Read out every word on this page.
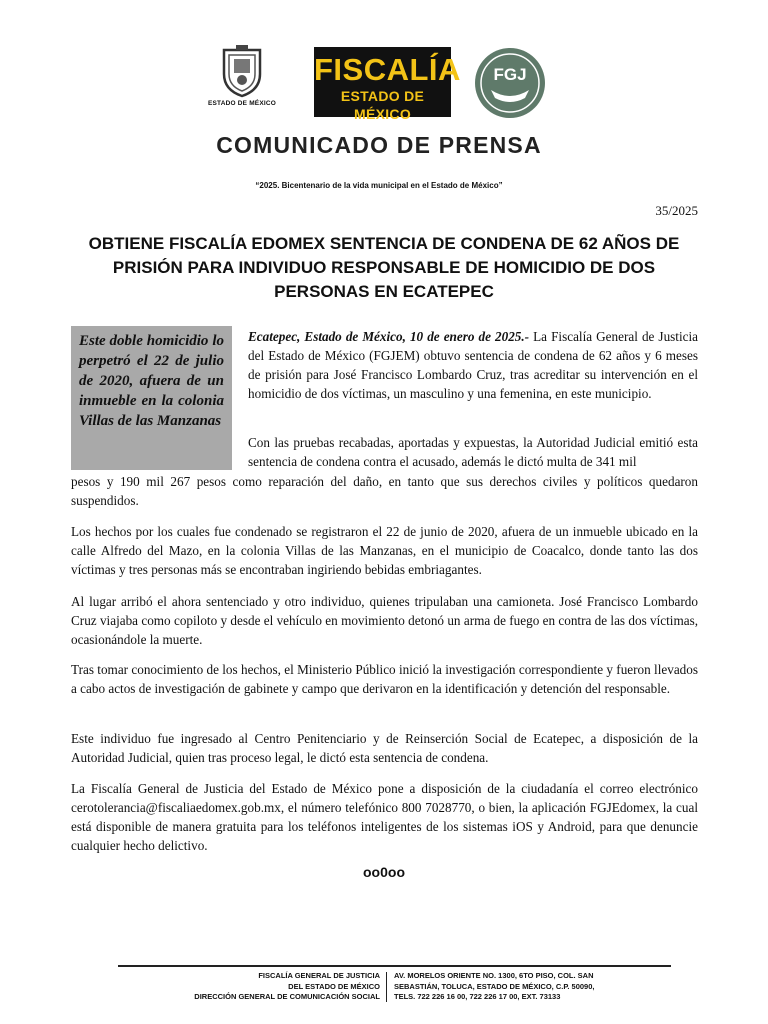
ESTADO DE MÉXICO
FISCALÍA
ESTADO DE MÉXICO
FGJ
COMUNICADO DE PRENSA
“2025. Bicentenario de la vida municipal en el Estado de México”
35/2025
OBTIENE FISCALÍA EDOMEX SENTENCIA DE CONDENA DE 62 AÑOS DE PRISIÓN PARA INDIVIDUO RESPONSABLE DE HOMICIDIO DE DOS PERSONAS EN ECATEPEC

Este doble homicidio lo perpetró el 22 de julio de 2020, afuera de un inmueble en la colonia Villas de las Manzanas

Ecatepec, Estado de México, 10 de enero de 2025.- La Fiscalía General de Justicia del Estado de México (FGJEM) obtuvo sentencia de condena de 62 años y 6 meses de prisión para José Francisco Lombardo Cruz, tras acreditar su intervención en el homicidio de dos víctimas, un masculino y una femenina, en este municipio.

Con las pruebas recabadas, aportadas y expuestas, la Autoridad Judicial emitió esta sentencia de condena contra el acusado, además le dictó multa de 341 mil

pesos y 190 mil 267 pesos como reparación del daño, en tanto que sus derechos civiles y políticos quedaron suspendidos.

Los hechos por los cuales fue condenado se registraron el 22 de junio de 2020, afuera de un inmueble ubicado en la calle Alfredo del Mazo, en la colonia Villas de las Manzanas, en el municipio de Coacalco, donde tanto las dos víctimas y tres personas más se encontraban ingiriendo bebidas embriagantes.

Al lugar arribó el ahora sentenciado y otro individuo, quienes tripulaban una camioneta. José Francisco Lombardo Cruz viajaba como copiloto y desde el vehículo en movimiento detonó un arma de fuego en contra de las dos víctimas, ocasionándole la muerte.

Tras tomar conocimiento de los hechos, el Ministerio Público inició la investigación correspondiente y fueron llevados a cabo actos de investigación de gabinete y campo que derivaron en la identificación y detención del responsable.

Este individuo fue ingresado al Centro Penitenciario y de Reinserción Social de Ecatepec, a disposición de la Autoridad Judicial, quien tras proceso legal, le dictó esta sentencia de condena.

La Fiscalía General de Justicia del Estado de México pone a disposición de la ciudadanía el correo electrónico cerotolerancia@fiscaliaedomex.gob.mx, el número telefónico 800 7028770, o bien, la aplicación FGJEdomex, la cual está disponible de manera gratuita para los teléfonos inteligentes de los sistemas iOS y Android, para que denuncie cualquier hecho delictivo.

oo0oo
FISCALÍA GENERAL DE JUSTICIA
DEL ESTADO DE MÉXICO
DIRECCIÓN GENERAL DE COMUNICACIÓN SOCIAL
AV. MORELOS ORIENTE NO. 1300, 6TO PISO, COL. SAN
SEBASTIÁN, TOLUCA, ESTADO DE MÉXICO, C.P. 50090,
TELS. 722 226 16 00, 722 226 17 00, EXT. 73133
